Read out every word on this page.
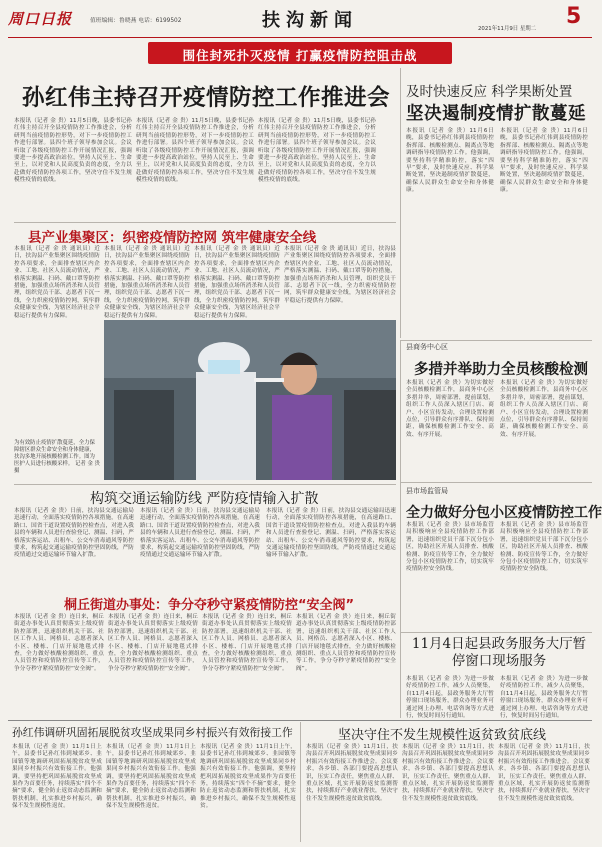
周口日报	值班编辑：鲁晓燕 电话：6199502	扶沟新闻	2021年11月9日 星期二 5
围住封死扑灭疫情 打赢疫情防控阻击战
孙红伟主持召开疫情防控工作推进会
本报讯（记者 金 贵）11月5日晚，县委书记孙红伟主持召开全县疫情防控工作推进会，分析研判当前疫情防控形势，对下一步疫情防控工作进行部署。县四个班子领导参加会议。会议听取了各级疫情防控工作开展情况汇报，强调要进一步提高政治站位，坚持人民至上、生命至上，以对党和人民高度负责的态度，全力以赴做好疫情防控各项工作，坚决守住不发生规模性疫情的底线。
本报讯（记者 金 贵）11月5日晚，县委书记孙红伟主持召开全县疫情防控工作推进会，分析研判当前疫情防控形势，对下一步疫情防控工作进行部署。县四个班子领导参加会议。会议听取了各级疫情防控工作开展情况汇报，强调要进一步提高政治站位，坚持人民至上、生命至上，以对党和人民高度负责的态度，全力以赴做好疫情防控各项工作，坚决守住不发生规模性疫情的底线。
本报讯（记者 金 贵）11月5日晚，县委书记孙红伟主持召开全县疫情防控工作推进会，分析研判当前疫情防控形势，对下一步疫情防控工作进行部署。县四个班子领导参加会议。会议听取了各级疫情防控工作开展情况汇报，强调要进一步提高政治站位，坚持人民至上、生命至上，以对党和人民高度负责的态度，全力以赴做好疫情防控各项工作，坚决守住不发生规模性疫情的底线。
及时快速反应 科学果断处置
坚决遏制疫情扩散蔓延
本报讯（记者 金 贵）11月6日晚，县委书记孙红伟到县疫情防控指挥部、核酸检测点、隔离点等地调研指导疫情防控工作。他强调，要坚持科学精准防控，落实“四早”要求，及时快速反应、科学果断处置，坚决遏制疫情扩散蔓延，确保人民群众生命安全和身体健康。
本报讯（记者 金 贵）11月6日晚，县委书记孙红伟到县疫情防控指挥部、核酸检测点、隔离点等地调研指导疫情防控工作。他强调，要坚持科学精准防控，落实“四早”要求，及时快速反应、科学果断处置，坚决遏制疫情扩散蔓延，确保人民群众生命安全和身体健康。
县产业集聚区：织密疫情防控网 筑牢健康安全线
本报讯（记者 金 贵 通讯员）近日，扶沟县产业集聚区围绕疫情防控各项要求，全面排查辖区内企业、工地、社区人员流动情况，严格落实测温、扫码、戴口罩等防控措施，加强重点场所消杀和人员管理，组织党员干部、志愿者下沉一线，全力织密疫情防控网，筑牢群众健康安全线，为辖区经济社会平稳运行提供有力保障。
本报讯（记者 金 贵 通讯员）近日，扶沟县产业集聚区围绕疫情防控各项要求，全面排查辖区内企业、工地、社区人员流动情况，严格落实测温、扫码、戴口罩等防控措施，加强重点场所消杀和人员管理，组织党员干部、志愿者下沉一线，全力织密疫情防控网，筑牢群众健康安全线，为辖区经济社会平稳运行提供有力保障。
本报讯（记者 金 贵 通讯员）近日，扶沟县产业集聚区围绕疫情防控各项要求，全面排查辖区内企业、工地、社区人员流动情况，严格落实测温、扫码、戴口罩等防控措施，加强重点场所消杀和人员管理，组织党员干部、志愿者下沉一线，全力织密疫情防控网，筑牢群众健康安全线，为辖区经济社会平稳运行提供有力保障。
本报讯（记者 金 贵 通讯员）近日，扶沟县产业集聚区围绕疫情防控各项要求，全面排查辖区内企业、工地、社区人员流动情况，严格落实测温、扫码、戴口罩等防控措施，加强重点场所消杀和人员管理，组织党员干部、志愿者下沉一线，全力织密疫情防控网，筑牢群众健康安全线，为辖区经济社会平稳运行提供有力保障。
为有效防止疫情扩散蔓延，全力保障辖区群众生命安全和身体健康，扶沟多地开展核酸检测工作。图为医护人员进行核酸采样。 记者 金 贵 摄
构筑交通运输防线 严防疫情输入扩散
本报讯（记者 金 贵）日前，扶沟县交通运输局迅速行动，全面落实疫情防控各项措施，在高速路口、国省干道设置疫情防控检查点，对进入我县的车辆和人员进行查验登记、测温、扫码，严格落实客运站、出租车、公交车消毒通风等防控要求，构筑起交通运输疫情防控坚固防线，严防疫情通过交通运输环节输入扩散。
本报讯（记者 金 贵）日前，扶沟县交通运输局迅速行动，全面落实疫情防控各项措施，在高速路口、国省干道设置疫情防控检查点，对进入我县的车辆和人员进行查验登记、测温、扫码，严格落实客运站、出租车、公交车消毒通风等防控要求，构筑起交通运输疫情防控坚固防线，严防疫情通过交通运输环节输入扩散。
本报讯（记者 金 贵）日前，扶沟县交通运输局迅速行动，全面落实疫情防控各项措施，在高速路口、国省干道设置疫情防控检查点，对进入我县的车辆和人员进行查验登记、测温、扫码，严格落实客运站、出租车、公交车消毒通风等防控要求，构筑起交通运输疫情防控坚固防线，严防疫情通过交通运输环节输入扩散。
桐丘街道办事处：争分夺秒守紧疫情防控“安全阀”
本报讯（记者 金 贵）连日来，桐丘街道办事处认真贯彻落实上级疫情防控部署，迅速组织机关干部、社区工作人员、网格员、志愿者深入小区、楼栋、门店开展地毯式排查，全力做好核酸检测组织、重点人员管控和疫情防控宣传等工作，争分夺秒守紧疫情防控“安全阀”。
本报讯（记者 金 贵）连日来，桐丘街道办事处认真贯彻落实上级疫情防控部署，迅速组织机关干部、社区工作人员、网格员、志愿者深入小区、楼栋、门店开展地毯式排查，全力做好核酸检测组织、重点人员管控和疫情防控宣传等工作，争分夺秒守紧疫情防控“安全阀”。
本报讯（记者 金 贵）连日来，桐丘街道办事处认真贯彻落实上级疫情防控部署，迅速组织机关干部、社区工作人员、网格员、志愿者深入小区、楼栋、门店开展地毯式排查，全力做好核酸检测组织、重点人员管控和疫情防控宣传等工作，争分夺秒守紧疫情防控“安全阀”。
本报讯（记者 金 贵）连日来，桐丘街道办事处认真贯彻落实上级疫情防控部署，迅速组织机关干部、社区工作人员、网格员、志愿者深入小区、楼栋、门店开展地毯式排查，全力做好核酸检测组织、重点人员管控和疫情防控宣传等工作，争分夺秒守紧疫情防控“安全阀”。
县商务中心区
多措并举助力全员核酸检测
本报讯（记者 金 贵）为切实做好全员核酸检测工作，县商务中心区多措并举，周密部署，提前谋划，组织工作人员深入辖区门店、商户、小区宣传发动，合理设置检测点位，引导群众有序排队、保持间距，确保核酸检测工作安全、高效、有序开展。
本报讯（记者 金 贵）为切实做好全员核酸检测工作，县商务中心区多措并举，周密部署，提前谋划，组织工作人员深入辖区门店、商户、小区宣传发动，合理设置检测点位，引导群众有序排队、保持间距，确保核酸检测工作安全、高效、有序开展。
县市场监管局
全力做好分包小区疫情防控工作
本报讯（记者 金 贵）县市场监管局积极响应全县疫情防控工作部署，迅速组织党员干部下沉分包小区，协助社区开展人员排查、核酸检测、防疫宣传等工作，全力做好分包小区疫情防控工作，切实筑牢疫情防控安全防线。
本报讯（记者 金 贵）县市场监管局积极响应全县疫情防控工作部署，迅速组织党员干部下沉分包小区，协助社区开展人员排查、核酸检测、防疫宣传等工作，全力做好分包小区疫情防控工作，切实筑牢疫情防控安全防线。
11月4日起县政务服务大厅暂停窗口现场服务
本报讯（记者 金 贵）为进一步做好疫情防控工作，减少人员聚集，自11月4日起，县政务服务大厅暂停窗口现场服务，群众办理业务可通过网上办理、电话咨询等方式进行，恢复时间另行通知。
本报讯（记者 金 贵）为进一步做好疫情防控工作，减少人员聚集，自11月4日起，县政务服务大厅暂停窗口现场服务，群众办理业务可通过网上办理、电话咨询等方式进行，恢复时间另行通知。
孙红伟调研巩固拓展脱贫攻坚成果同乡村振兴有效衔接工作
本报讯（记者 金 贵）11月1日上午，县委书记孙红伟到城郊乡、韭园镇等地调研巩固拓展脱贫攻坚成果同乡村振兴有效衔接工作。他强调，要坚持把巩固拓展脱贫攻坚成果作为首要任务，持续落实“四个不摘”要求，健全防止返贫动态监测和帮扶机制，扎实推进乡村振兴，确保不发生规模性返贫。
本报讯（记者 金 贵）11月1日上午，县委书记孙红伟到城郊乡、韭园镇等地调研巩固拓展脱贫攻坚成果同乡村振兴有效衔接工作。他强调，要坚持把巩固拓展脱贫攻坚成果作为首要任务，持续落实“四个不摘”要求，健全防止返贫动态监测和帮扶机制，扎实推进乡村振兴，确保不发生规模性返贫。
本报讯（记者 金 贵）11月1日上午，县委书记孙红伟到城郊乡、韭园镇等地调研巩固拓展脱贫攻坚成果同乡村振兴有效衔接工作。他强调，要坚持把巩固拓展脱贫攻坚成果作为首要任务，持续落实“四个不摘”要求，健全防止返贫动态监测和帮扶机制，扎实推进乡村振兴，确保不发生规模性返贫。
坚决守住不发生规模性返贫致贫底线
本报讯（记者 金 贵）11月1日，扶沟县召开巩固拓展脱贫攻坚成果同乡村振兴有效衔接工作推进会。会议要求，各乡镇、各部门要提高思想认识，压实工作责任，聚焦重点人群、重点区域，扎实开展防返贫监测帮扶，持续抓好产业就业帮扶，坚决守住不发生规模性返贫致贫底线。
本报讯（记者 金 贵）11月1日，扶沟县召开巩固拓展脱贫攻坚成果同乡村振兴有效衔接工作推进会。会议要求，各乡镇、各部门要提高思想认识，压实工作责任，聚焦重点人群、重点区域，扎实开展防返贫监测帮扶，持续抓好产业就业帮扶，坚决守住不发生规模性返贫致贫底线。
本报讯（记者 金 贵）11月1日，扶沟县召开巩固拓展脱贫攻坚成果同乡村振兴有效衔接工作推进会。会议要求，各乡镇、各部门要提高思想认识，压实工作责任，聚焦重点人群、重点区域，扎实开展防返贫监测帮扶，持续抓好产业就业帮扶，坚决守住不发生规模性返贫致贫底线。
